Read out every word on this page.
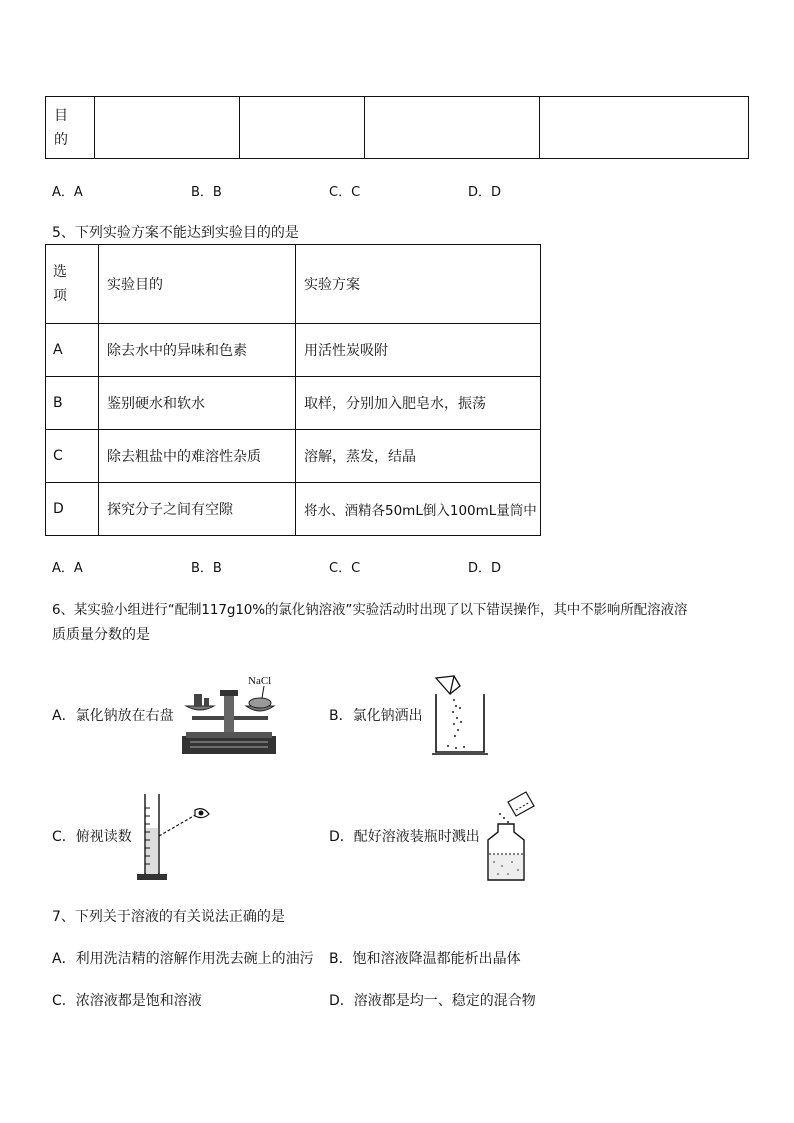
目
的

A．A	B．B	C．C	D．D
5、下列实验方案不能达到实验目的的是
选
项	实验目的	实验方案
A	除去水中的异味和色素	用活性炭吸附
B	鉴别硬水和软水	取样，分别加入肥皂水，振荡
C	除去粗盐中的难溶性杂质	溶解，蒸发，结晶
D	探究分子之间有空隙	将水、酒精各50mL倒入100mL量筒中
A．A	B．B	C．C	D．D
6、某实验小组进行“配制117g10%的氯化钠溶液”实验活动时出现了以下错误操作，其中不影响所配溶液溶
质质量分数的是
A．氯化钠放在右盘
NaCl
B．氯化钠洒出
C．俯视读数	D．配好溶液装瓶时溅出
7、下列关于溶液的有关说法正确的是
A．利用洗洁精的溶解作用洗去碗上的油污 B．饱和溶液降温都能析出晶体
C．浓溶液都是饱和溶液	D．溶液都是均一、稳定的混合物
